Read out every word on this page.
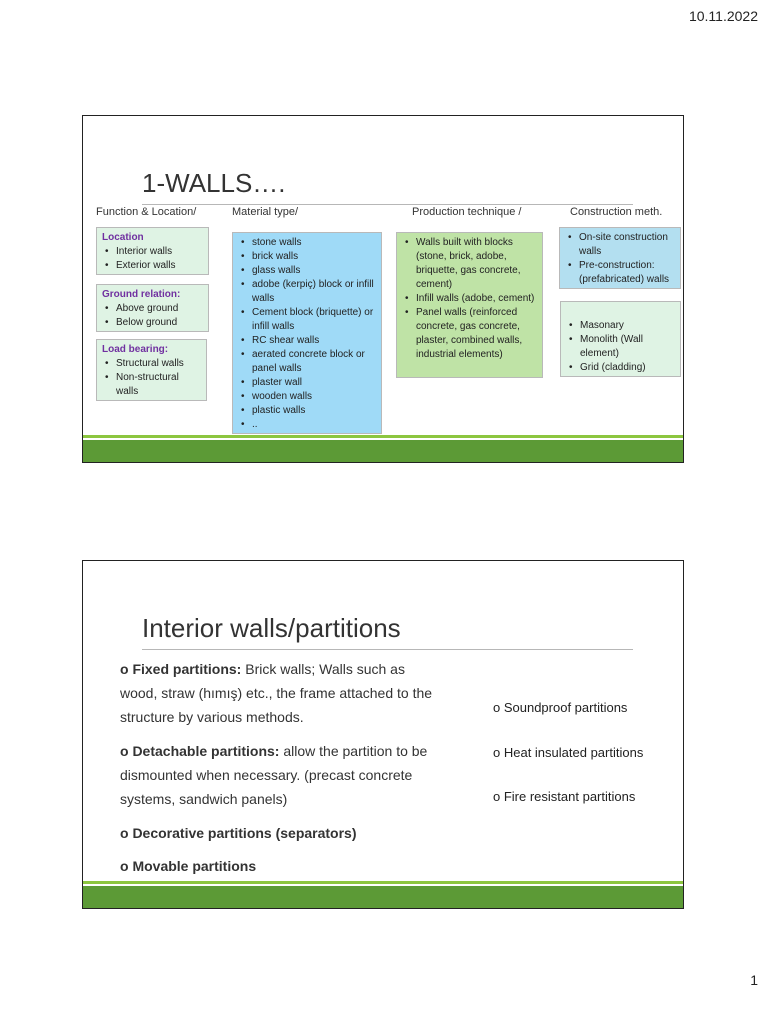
10.11.2022
1-WALLS….
Function & Location/	Material type/	Production technique /	Construction meth.
Location
• Interior walls
• Exterior walls
Ground relation:
• Above ground
• Below ground
Load bearing:
• Structural walls
• Non-structural walls
• stone walls
• brick walls
• glass walls
• adobe (kerpiç) block or infill walls
• Cement block (briquette) or infill walls
• RC shear walls
• aerated concrete block or panel walls
• plaster wall
• wooden walls
• plastic walls
• ..
• Walls built with blocks (stone, brick, adobe, briquette, gas concrete, cement)
• Infill walls (adobe, cement)
• Panel walls (reinforced concrete, gas concrete, plaster, combined walls, industrial elements)
• On-site construction walls
• Pre-construction: (prefabricated) walls
• Masonary
• Monolith (Wall element)
• Grid (cladding)
Interior walls/partitions
o Fixed partitions: Brick walls; Walls such as wood, straw (hımış) etc., the frame attached to the structure by various methods.
o Detachable partitions: allow the partition to be dismounted when necessary. (precast concrete systems, sandwich panels)
o Decorative partitions (separators)
o Movable partitions
o Soundproof partitions
o Heat insulated partitions
o Fire resistant partitions
1
